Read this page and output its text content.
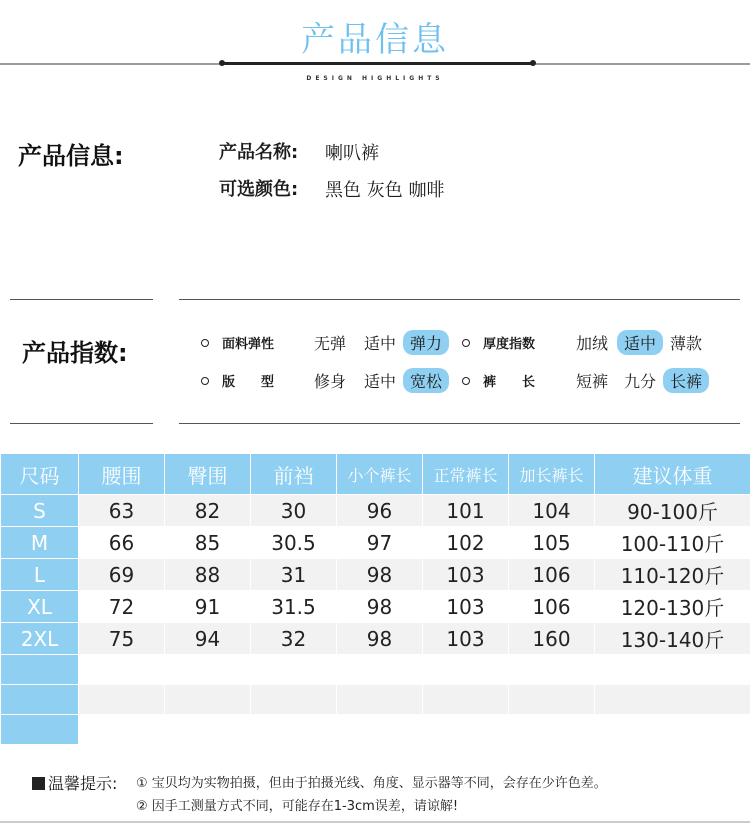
产品信息
DESIGN HIGHLIGHTS
产品信息:	产品名称: 喇叭裤
可选颜色: 黑色 灰色 咖啡
产品指数:	面料弹性	无弹	适中 弹力	厚度指数	加绒	适中 薄款
版　　型	修身	适中 宽松	裤　　长	短裤	九分 长裤
尺码	腰围	臀围	前裆	小个裤长	正常裤长	加长裤长	建议体重
S	63	82	30	96	101	104	90-100斤
M	66	85	30.5	97	102	105	100-110斤
L	69	88	31	98	103	106	110-120斤
XL	72	91	31.5	98	103	106	120-130斤
2XL	75	94	32	98	103	160	130-140斤

温馨提示: ① 宝贝均为实物拍摄，但由于拍摄光线、角度、显示器等不同，会存在少许色差。
② 因手工测量方式不同，可能存在1-3cm误差，请谅解!
